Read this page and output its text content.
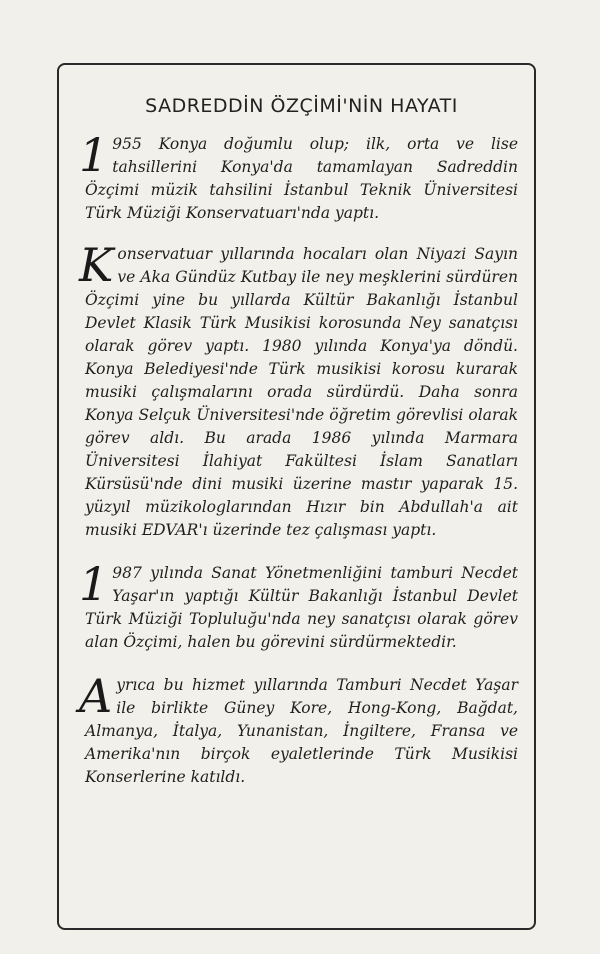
SADREDDİN ÖZÇİMİ'NİN HAYATI

1 955 Konya doğumlu olup; ilk, orta ve lise tahsillerini Konya'da tamamlayan Sadreddin Özçimi müzik tahsilini İstanbul Teknik Üniversitesi Türk Müziği Konservatuarı'nda yaptı.

Konservatuar yıllarında hocaları olan Niyazi Sayın ve Aka Gündüz Kutbay ile ney meşklerini sürdüren Özçimi yine bu yıllarda Kültür Bakanlığı İstanbul Devlet Klasik Türk Musikisi korosunda Ney sanatçısı olarak görev yaptı. 1980 yılında Konya'ya döndü. Konya Belediyesi'nde Türk musikisi korosu kurarak musiki çalışmalarını orada sürdürdü. Daha sonra Konya Selçuk Üniversitesi'nde öğretim görevlisi olarak görev aldı. Bu arada 1986 yılında Marmara Üniversitesi İlahiyat Fakültesi İslam Sanatları Kürsüsü'nde dini musiki üzerine mastır yaparak 15. yüzyıl müzikologlarından Hızır bin Abdullah'a ait musiki EDVAR'ı üzerinde tez çalışması yaptı.

1 987 yılında Sanat Yönetmenliğini tamburi Necdet Yaşar'ın yaptığı Kültür Bakanlığı İstanbul Devlet Türk Müziği Topluluğu'nda ney sanatçısı olarak görev alan Özçimi, halen bu görevini sürdürmektedir.

Ayrıca bu hizmet yıllarında Tamburi Necdet Yaşar ile birlikte Güney Kore, Hong-Kong, Bağdat, Almanya, İtalya, Yunanistan, İngiltere, Fransa ve Amerika'nın birçok eyaletlerinde Türk Musikisi Konserlerine katıldı.
